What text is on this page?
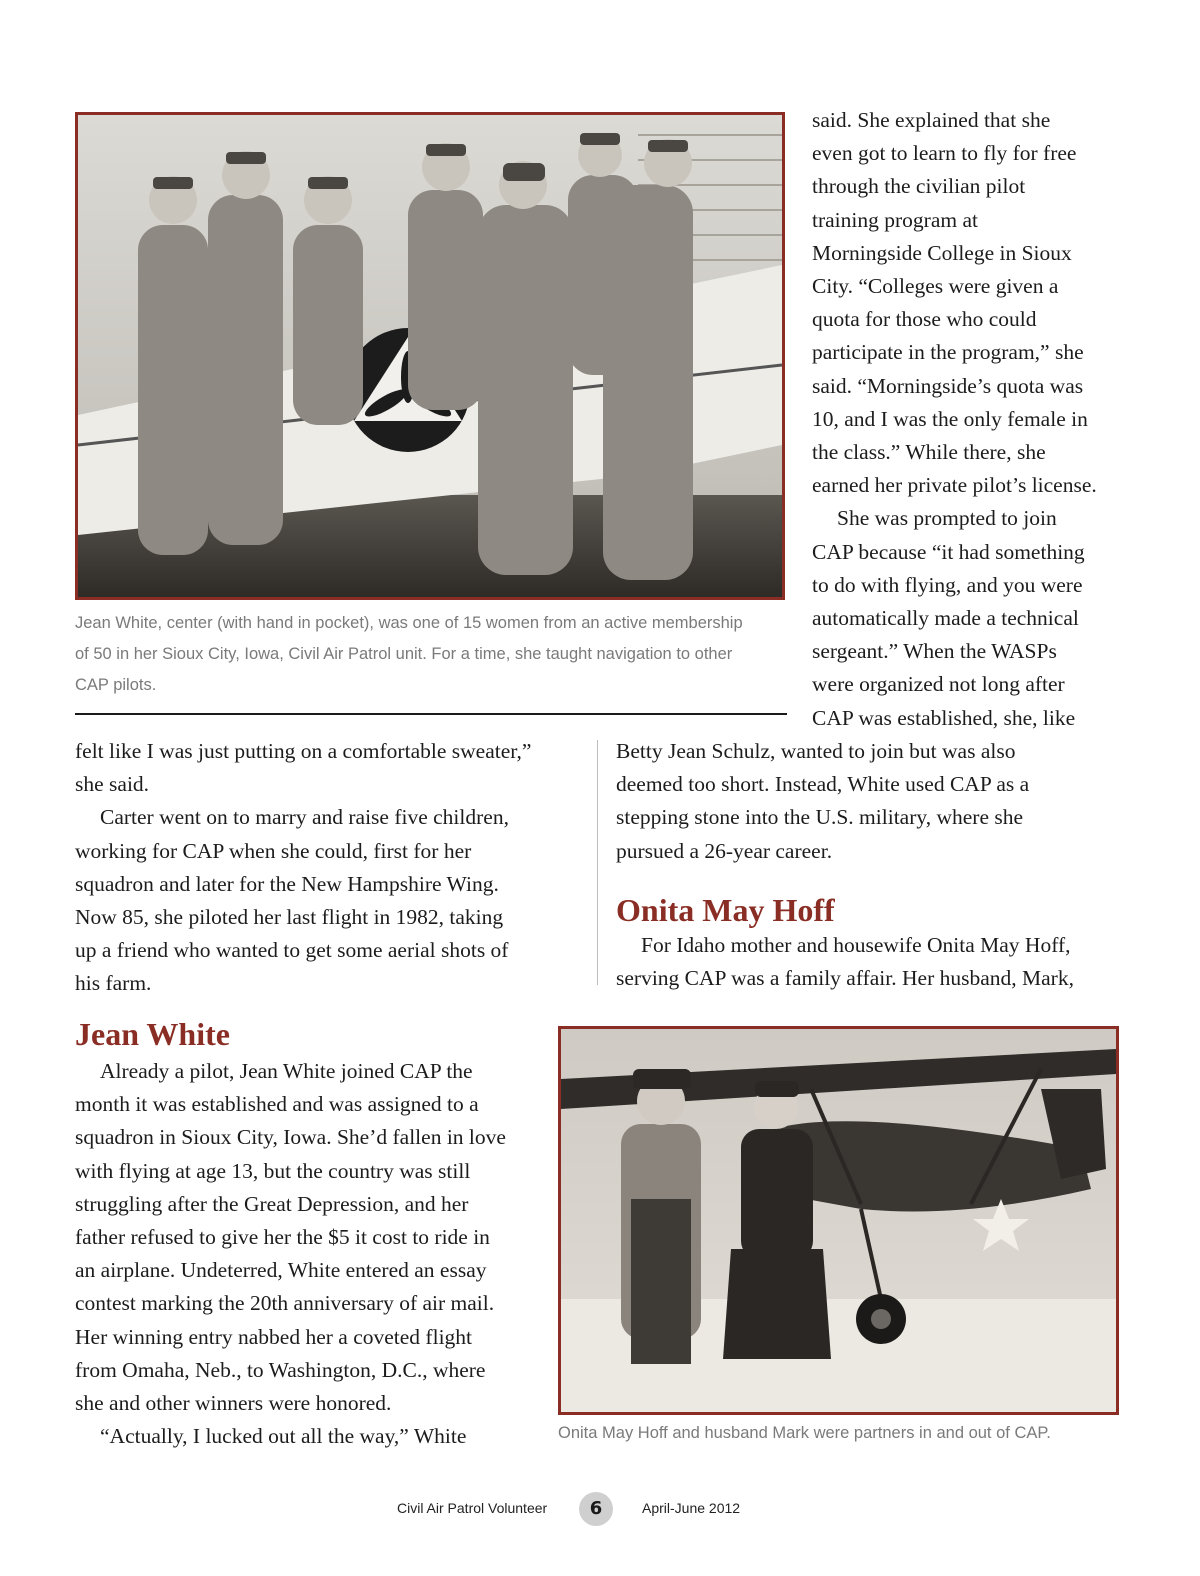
Jean White, center (with hand in pocket), was one of 15 women from an active membership
of 50 in her Sioux City, Iowa, Civil Air Patrol unit. For a time, she taught navigation to other
CAP pilots.
said. She explained that she
even got to learn to fly for free
through the civilian pilot
training program at
Morningside College in Sioux
City. “Colleges were given a
quota for those who could
participate in the program,” she
said. “Morningside’s quota was
10, and I was the only female in
the class.” While there, she
earned her private pilot’s license.
She was prompted to join
CAP because “it had something
to do with flying, and you were
automatically made a technical
sergeant.” When the WASPs
were organized not long after
CAP was established, she, like
felt like I was just putting on a comfortable sweater,”
she said.
Carter went on to marry and raise five children,
working for CAP when she could, first for her
squadron and later for the New Hampshire Wing.
Now 85, she piloted her last flight in 1982, taking
up a friend who wanted to get some aerial shots of
his farm.
Betty Jean Schulz, wanted to join but was also
deemed too short. Instead, White used CAP as a
stepping stone into the U.S. military, where she
pursued a 26-year career.
Onita May Hoff
For Idaho mother and housewife Onita May Hoff,
serving CAP was a family affair. Her husband, Mark,
Jean White
Already a pilot, Jean White joined CAP the
month it was established and was assigned to a
squadron in Sioux City, Iowa. She’d fallen in love
with flying at age 13, but the country was still
struggling after the Great Depression, and her
father refused to give her the $5 it cost to ride in
an airplane. Undeterred, White entered an essay
contest marking the 20th anniversary of air mail.
Her winning entry nabbed her a coveted flight
from Omaha, Neb., to Washington, D.C., where
she and other winners were honored.
“Actually, I lucked out all the way,” White	Onita May Hoff and husband Mark were partners in and out of CAP.
Civil Air Patrol Volunteer	6	April-June 2012
